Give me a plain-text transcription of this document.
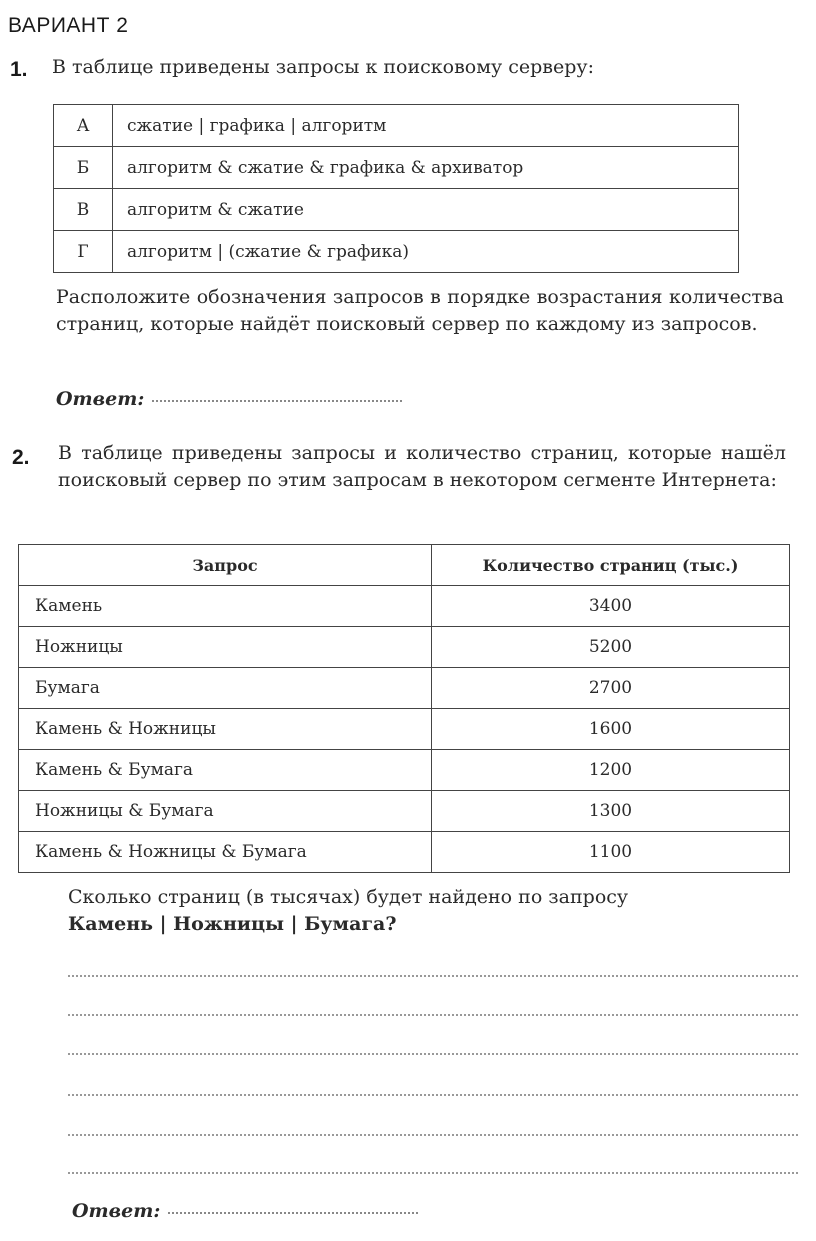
ВАРИАНТ 2
1. В таблице приведены запросы к поисковому серверу:
А	сжатие | графика | алгоритм
Б	алгоритм & сжатие & графика & архиватор
В	алгоритм & сжатие
Г	алгоритм | (сжатие & графика)
Расположите обозначения запросов в порядке возрастания количества страниц, которые найдёт поисковый сервер по каждому из запросов.
Ответ:
2. В таблице приведены запросы и количество страниц, которые нашёл поисковый сервер по этим запросам в некотором сегменте Интернета:
Запрос	Количество страниц (тыс.)
Камень	3400
Ножницы	5200
Бумага	2700
Камень & Ножницы	1600
Камень & Бумага	1200
Ножницы & Бумага	1300
Камень & Ножницы & Бумага	1100
Сколько страниц (в тысячах) будет найдено по запросу
Камень | Ножницы | Бумага?
Ответ:
